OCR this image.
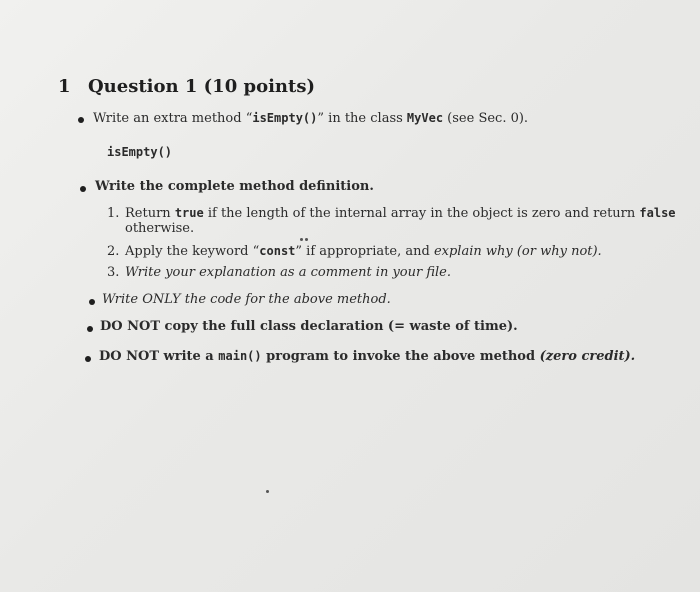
1 Question 1 (10 points)
Write an extra method “isEmpty()” in the class MyVec (see Sec. 0).
isEmpty()
Write the complete method definition.
1. Return true if the length of the internal array in the object is zero and return false
otherwise.
2. Apply the keyword “const” if appropriate, and explain why (or why not).
3. Write your explanation as a comment in your file.
Write ONLY the code for the above method.
DO NOT copy the full class declaration (= waste of time).
DO NOT write a main() program to invoke the above method (zero credit).
